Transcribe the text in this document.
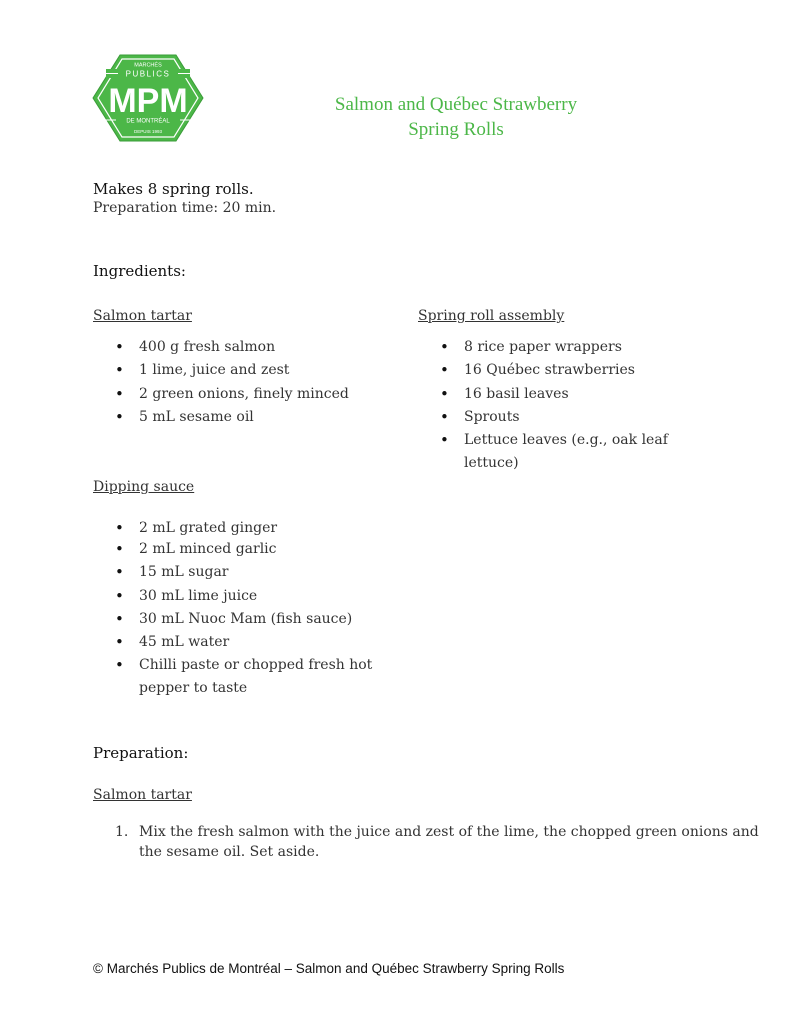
MARCHÉS
PUBLICS
MPM
DE MONTRÉAL
DEPUIS 1993
Salmon and Québec Strawberry
Spring Rolls
Makes 8 spring rolls.
Preparation time: 20 min.
Ingredients:
Salmon tartar
• 400 g fresh salmon
• 1 lime, juice and zest
• 2 green onions, finely minced
• 5 mL sesame oil
Spring roll assembly
• 8 rice paper wrappers
• 16 Québec strawberries
• 16 basil leaves
• Sprouts
• Lettuce leaves (e.g., oak leaf
lettuce)
Dipping sauce
• 2 mL grated ginger
• 2 mL minced garlic
• 15 mL sugar
• 30 mL lime juice
• 30 mL Nuoc Mam (fish sauce)
• 45 mL water
• Chilli paste or chopped fresh hot
pepper to taste
Preparation:
Salmon tartar
1. Mix the fresh salmon with the juice and zest of the lime, the chopped green onions and
the sesame oil. Set aside.
© Marchés Publics de Montréal – Salmon and Québec Strawberry Spring Rolls
